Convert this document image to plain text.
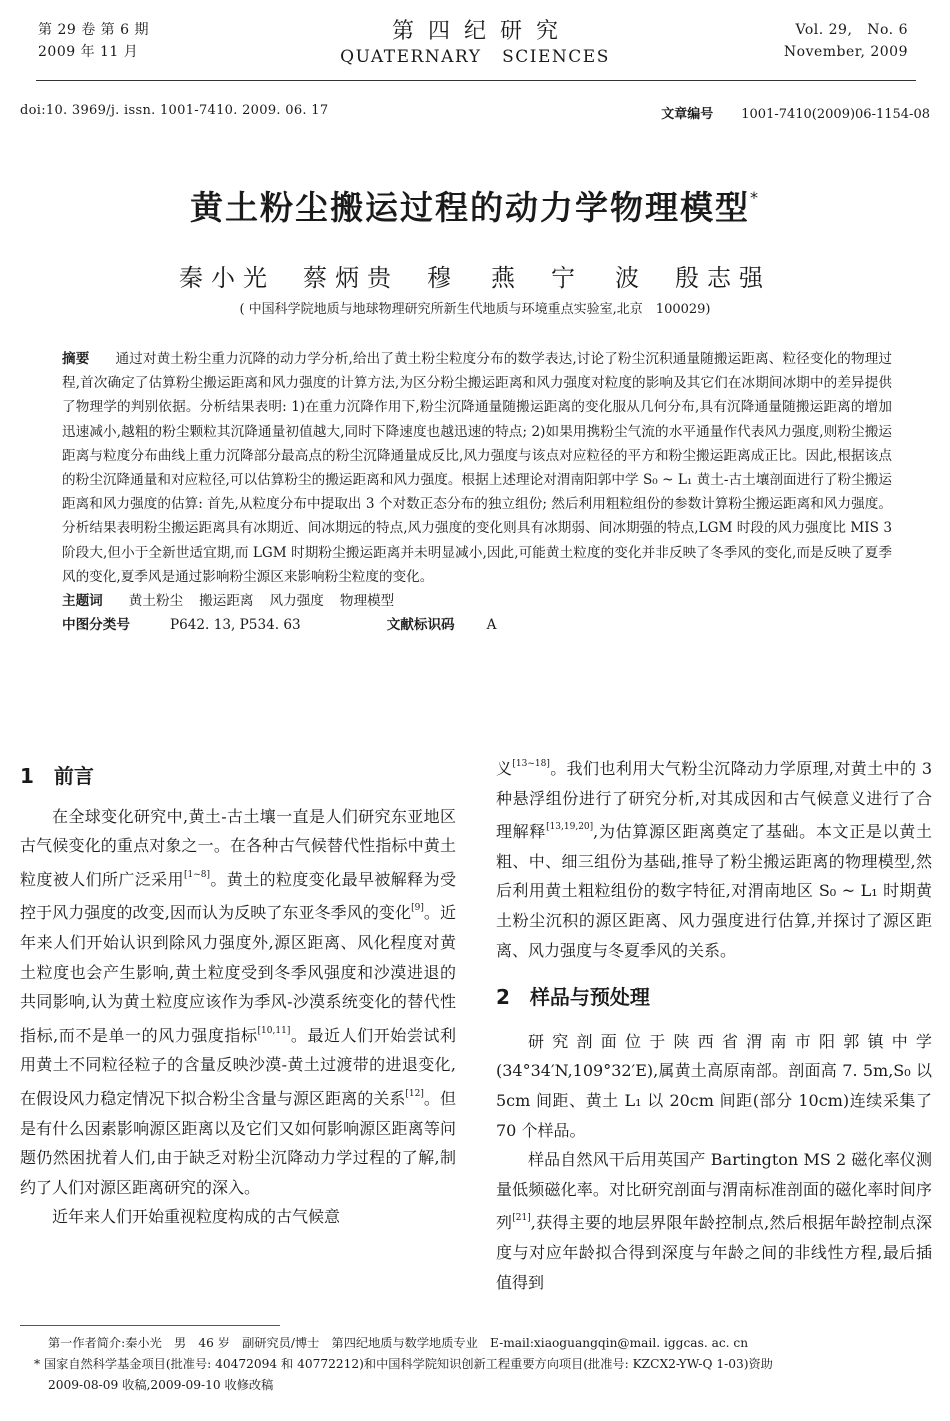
第 29 卷 第 6 期
2009 年 11 月
第四纪研究
QUATERNARY   SCIENCES
Vol. 29,   No. 6
November, 2009
doi:10. 3969/j. issn. 1001-7410. 2009. 06. 17	文章编号 1001-7410(2009)06-1154-08
黄土粉尘搬运过程的动力学物理模型*
秦小光 蔡炳贵 穆　燕 宁　波 殷志强
( 中国科学院地质与地球物理研究所新生代地质与环境重点实验室,北京　100029)
摘要 通过对黄土粉尘重力沉降的动力学分析,给出了黄土粉尘粒度分布的数学表达,讨论了粉尘沉积通量随搬运距离、粒径变化的物理过程,首次确定了估算粉尘搬运距离和风力强度的计算方法,为区分粉尘搬运距离和风力强度对粒度的影响及其它们在冰期间冰期中的差异提供了物理学的判别依据。分析结果表明: 1)在重力沉降作用下,粉尘沉降通量随搬运距离的变化服从几何分布,具有沉降通量随搬运距离的增加迅速减小,越粗的粉尘颗粒其沉降通量初值越大,同时下降速度也越迅速的特点; 2)如果用携粉尘气流的水平通量作代表风力强度,则粉尘搬运距离与粒度分布曲线上重力沉降部分最高点的粉尘沉降通量成反比,风力强度与该点对应粒径的平方和粉尘搬运距离成正比。因此,根据该点的粉尘沉降通量和对应粒径,可以估算粉尘的搬运距离和风力强度。根据上述理论对渭南阳郭中学 S₀ ~ L₁ 黄土-古土壤剖面进行了粉尘搬运距离和风力强度的估算: 首先,从粒度分布中提取出 3 个对数正态分布的独立组份; 然后利用粗粒组份的参数计算粉尘搬运距离和风力强度。分析结果表明粉尘搬运距离具有冰期近、间冰期远的特点,风力强度的变化则具有冰期弱、间冰期强的特点,LGM 时段的风力强度比 MIS 3 阶段大,但小于全新世适宜期,而 LGM 时期粉尘搬运距离并未明显减小,因此,可能黄土粒度的变化并非反映了冬季风的变化,而是反映了夏季风的变化,夏季风是通过影响粉尘源区来影响粉尘粒度的变化。
主题词 黄土粉尘 搬运距离 风力强度 物理模型
中图分类号	P642. 13, P534. 63	文献标识码 A
1 前言

在全球变化研究中,黄土-古土壤一直是人们研究东亚地区古气候变化的重点对象之一。在各种古气候替代性指标中黄土粒度被人们所广泛采用[1~8]。黄土的粒度变化最早被解释为受控于风力强度的改变,因而认为反映了东亚冬季风的变化[9]。近年来人们开始认识到除风力强度外,源区距离、风化程度对黄土粒度也会产生影响,黄土粒度受到冬季风强度和沙漠进退的共同影响,认为黄土粒度应该作为季风-沙漠系统变化的替代性指标,而不是单一的风力强度指标[10,11]。最近人们开始尝试利用黄土不同粒径粒子的含量反映沙漠-黄土过渡带的进退变化,在假设风力稳定情况下拟合粉尘含量与源区距离的关系[12]。但是有什么因素影响源区距离以及它们又如何影响源区距离等问题仍然困扰着人们,由于缺乏对粉尘沉降动力学过程的了解,制约了人们对源区距离研究的深入。

近年来人们开始重视粒度构成的古气候意

义[13~18]。我们也利用大气粉尘沉降动力学原理,对黄土中的 3 种悬浮组份进行了研究分析,对其成因和古气候意义进行了合理解释[13,19,20],为估算源区距离奠定了基础。本文正是以黄土粗、中、细三组份为基础,推导了粉尘搬运距离的物理模型,然后利用黄土粗粒组份的数字特征,对渭南地区 S₀ ~ L₁ 时期黄土粉尘沉积的源区距离、风力强度进行估算,并探讨了源区距离、风力强度与冬夏季风的关系。

2 样品与预处理

研究剖面位于陕西省渭南市阳郭镇中学(34°34′N,109°32′E),属黄土高原南部。剖面高 7. 5m,S₀ 以 5cm 间距、黄土 L₁ 以 20cm 间距(部分 10cm)连续采集了 70 个样品。

样品自然风干后用英国产 Bartington MS 2 磁化率仪测量低频磁化率。对比研究剖面与渭南标准剖面的磁化率时间序列[21],获得主要的地层界限年龄控制点,然后根据年龄控制点深度与对应年龄拟合得到深度与年龄之间的非线性方程,最后插值得到

第一作者简介:秦小光　男　46 岁　副研究员/博士　第四纪地质与数学地质专业　E-mail:xiaoguangqin@mail. iggcas. ac. cn
* 国家自然科学基金项目(批准号: 40472094 和 40772212)和中国科学院知识创新工程重要方向项目(批准号: KZCX2-YW-Q 1-03)资助
2009-08-09 收稿,2009-09-10 收修改稿
